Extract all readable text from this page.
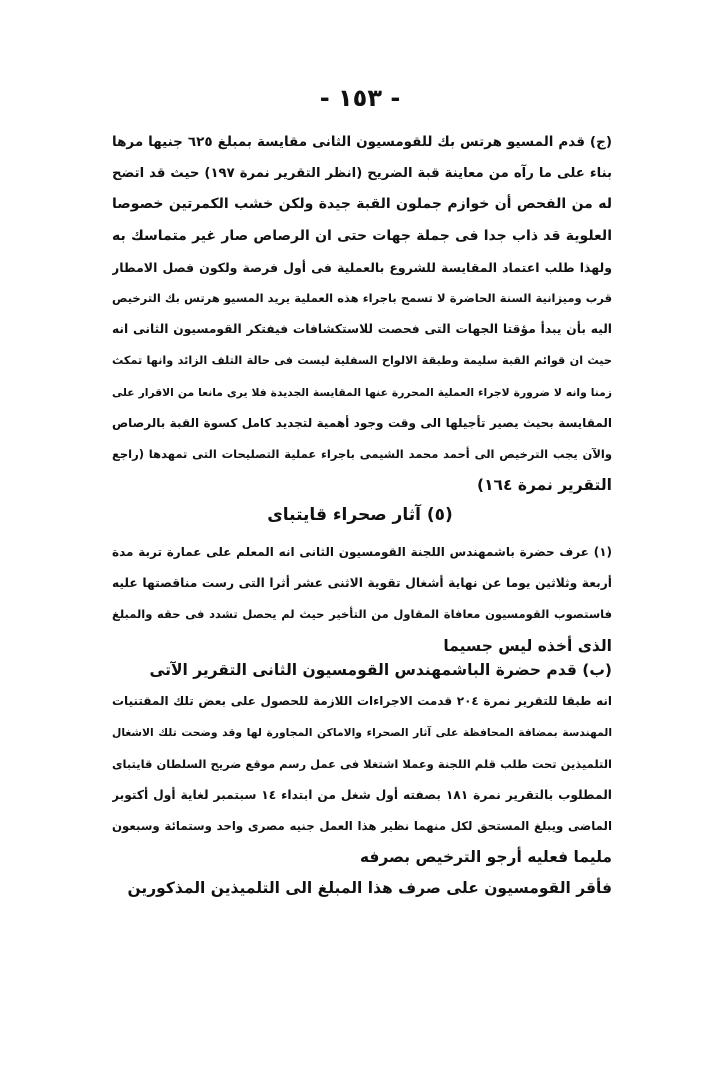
- ١٥٣ -
(ج) قدم المسيو هرتس بك للقومسيون الثانى مقايسة بمبلغ ٦٢٥ جنيها مرها
بناء على ما رآه من معاينة قبة الضريح (انظر التقرير نمرة ١٩٧) حيث قد اتضح
له من الفحص أن خوازم جملون القبة جيدة ولكن خشب الكمرتين خصوصا
العلوية قد ذاب جدا فى جملة جهات حتى ان الرصاص صار غير متماسك به
ولهذا طلب اعتماد المقايسة للشروع بالعملية فى أول فرصة ولكون فصل الامطار
قرب وميزانية السنة الحاضرة لا تسمح باجراء هذه العملية يريد المسيو هرتس بك الترخيص
اليه بأن يبدأ مؤقتا الجهات التى فحصت للاستكشافات فيفتكر القومسيون الثانى انه
حيث ان قوائم القبة سليمة وطبقة الالواح السفلية ليست فى حالة التلف الزائد وانها تمكث
زمنا وانه لا ضرورة لاجراء العملية المحررة عنها المقايسة الجديدة فلا يرى مانعا من الاقرار على
المقايسة بحيث يصير تأجيلها الى وقت وجود أهمية لتجديد كامل كسوة القبة بالرصاص
والآن يجب الترخيص الى أحمد محمد الشيمى باجراء عملية التصليحات التى تمهدها (راجع
التقرير نمرة ١٦٤)
(٥) آثار صحراء قايتباى
(١) عرف حضرة باشمهندس اللجنة القومسيون الثانى انه المعلم على عمارة تربة مدة
أربعة وثلاثين يوما عن نهاية أشغال تقوية الاثنى عشر أثرا التى رست مناقصتها عليه
فاستصوب القومسيون معافاة المقاول من التأخير حيث لم يحصل تشدد فى حقه والمبلغ
الذى أخذه ليس جسيما
(ب) قدم حضرة الباشمهندس القومسيون الثانى التقرير الآتى
انه طبقا للتقرير نمرة ٢٠٤ قدمت الاجراءات اللازمة للحصول على بعض تلك المقتنيات
المهندسة بمضافة المحافظة على آثار الصحراء والاماكن المجاورة لها وقد وضحت تلك الاشغال
التلميذين تحت طلب قلم اللجنة وعملا اشتغلا فى عمل رسم موقع ضريح السلطان قايتباى
المطلوب بالتقرير نمرة ١٨١ بصفته أول شغل من ابتداء ١٤ سبتمبر لغاية أول أكتوبر
الماضى ويبلغ المستحق لكل منهما نظير هذا العمل جنيه مصرى واحد وستمائة وسبعون
مليما فعليه أرجو الترخيص بصرفه
فأقر القومسيون على صرف هذا المبلغ الى التلميذين المذكورين
